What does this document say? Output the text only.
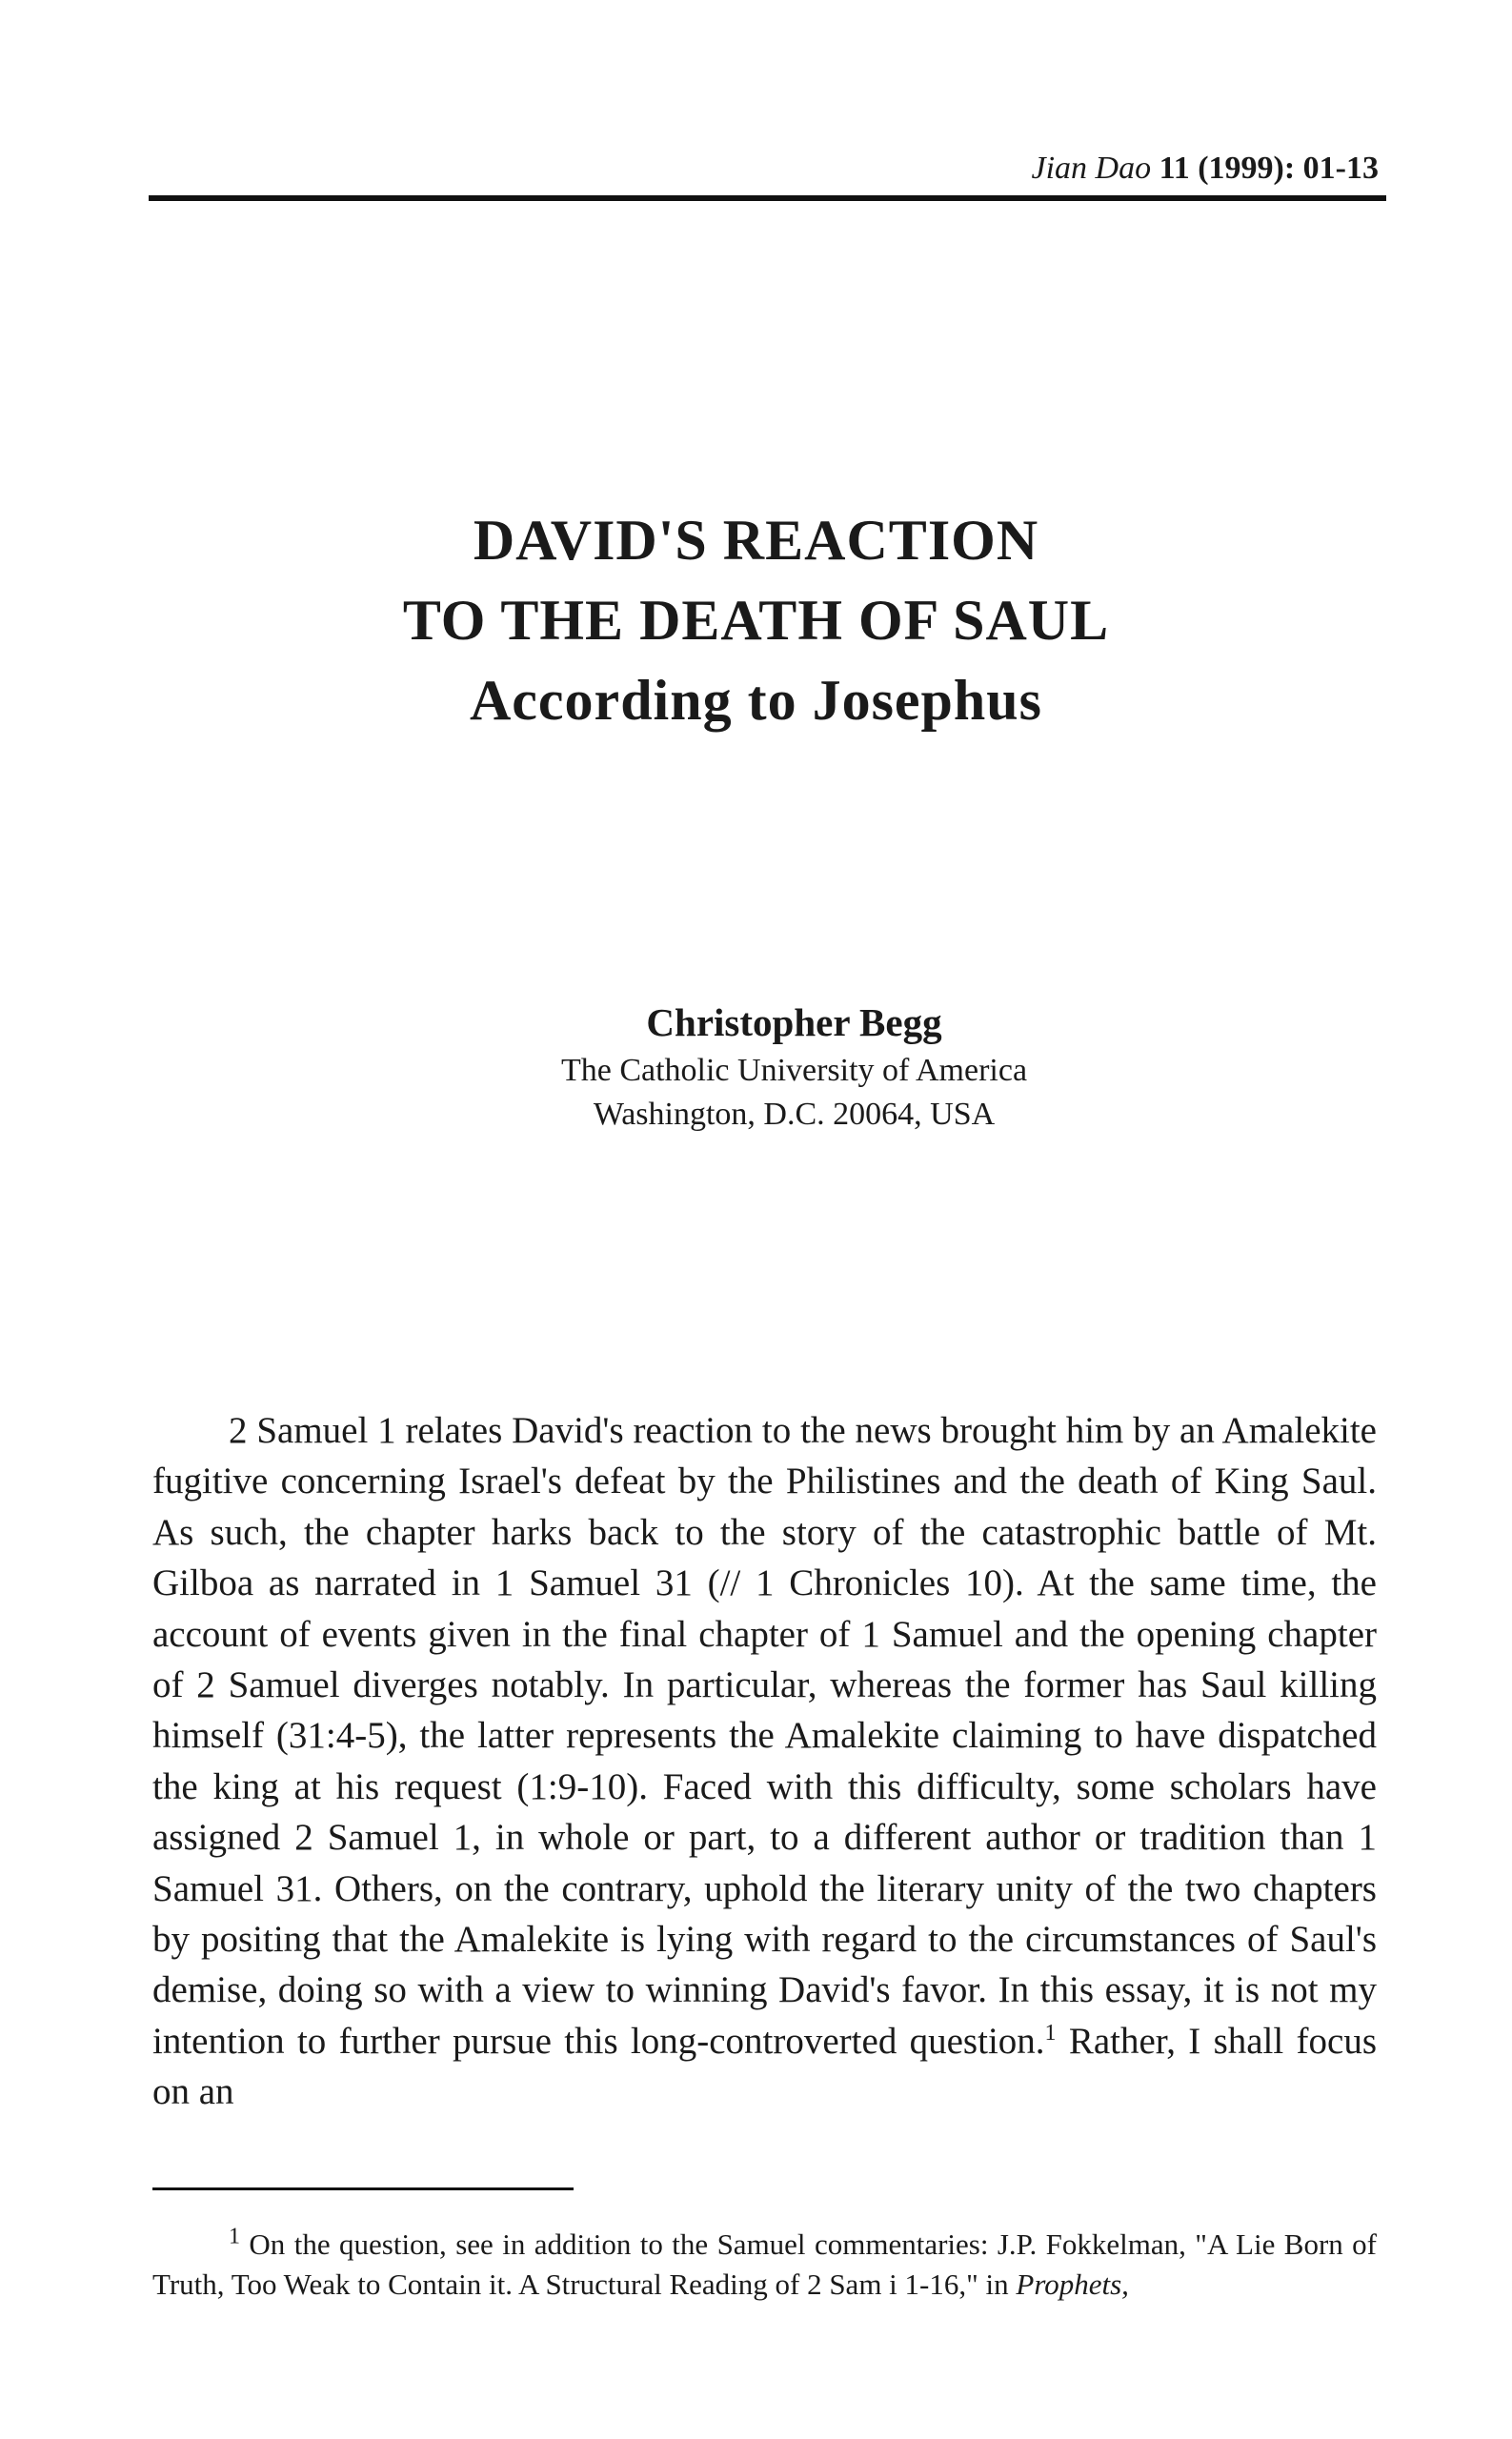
Jian Dao 11 (1999): 01-13
DAVID'S REACTION
TO THE DEATH OF SAUL
According to Josephus
Christopher Begg
The Catholic University of America
Washington, D.C. 20064, USA

2 Samuel 1 relates David's reaction to the news brought him by an Amalekite fugitive concerning Israel's defeat by the Philistines and the death of King Saul. As such, the chapter harks back to the story of the catastrophic battle of Mt. Gilboa as narrated in 1 Samuel 31 (// 1 Chronicles 10). At the same time, the account of events given in the final chapter of 1 Samuel and the opening chapter of 2 Samuel diverges notably. In particular, whereas the former has Saul killing himself (31:4-5), the latter represents the Amalekite claiming to have dispatched the king at his request (1:9-10). Faced with this difficulty, some scholars have assigned 2 Samuel 1, in whole or part, to a different author or tradition than 1 Samuel 31. Others, on the contrary, uphold the literary unity of the two chapters by positing that the Amalekite is lying with regard to the circumstances of Saul's demise, doing so with a view to winning David's favor. In this essay, it is not my intention to further pursue this long-controverted question.$^1$ Rather, I shall focus on an

$^1$ On the question, see in addition to the Samuel commentaries: J.P. Fokkelman, "A Lie Born of Truth, Too Weak to Contain it. A Structural Reading of 2 Sam i 1-16," in Prophets,
